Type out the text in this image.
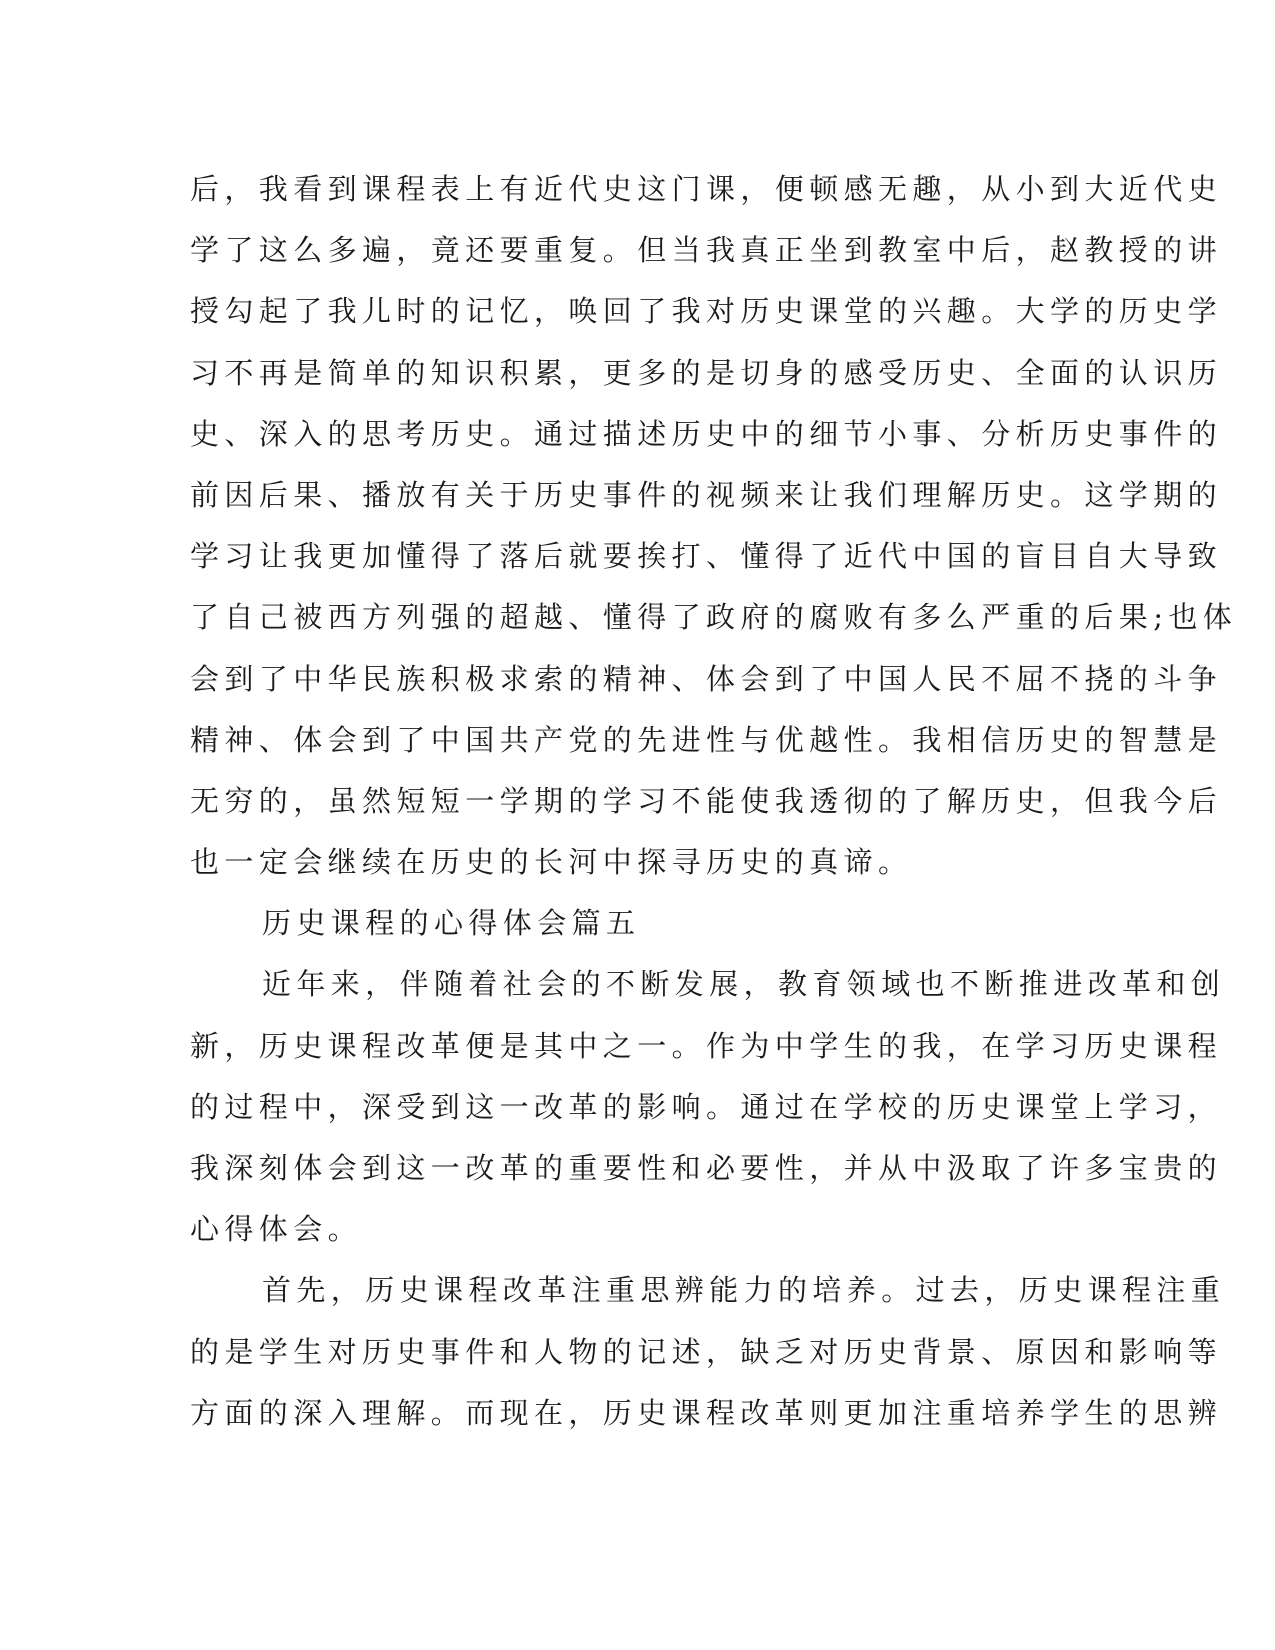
后，我看到课程表上有近代史这门课，便顿感无趣，从小到大近代史
学了这么多遍，竟还要重复。但当我真正坐到教室中后，赵教授的讲
授勾起了我儿时的记忆，唤回了我对历史课堂的兴趣。大学的历史学
习不再是简单的知识积累，更多的是切身的感受历史、全面的认识历
史、深入的思考历史。通过描述历史中的细节小事、分析历史事件的
前因后果、播放有关于历史事件的视频来让我们理解历史。这学期的
学习让我更加懂得了落后就要挨打、懂得了近代中国的盲目自大导致
了自己被西方列强的超越、懂得了政府的腐败有多么严重的后果;也体
会到了中华民族积极求索的精神、体会到了中国人民不屈不挠的斗争
精神、体会到了中国共产党的先进性与优越性。我相信历史的智慧是
无穷的，虽然短短一学期的学习不能使我透彻的了解历史，但我今后
也一定会继续在历史的长河中探寻历史的真谛。
历史课程的心得体会篇五
近年来，伴随着社会的不断发展，教育领域也不断推进改革和创
新，历史课程改革便是其中之一。作为中学生的我，在学习历史课程
的过程中，深受到这一改革的影响。通过在学校的历史课堂上学习，
我深刻体会到这一改革的重要性和必要性，并从中汲取了许多宝贵的
心得体会。
首先，历史课程改革注重思辨能力的培养。过去，历史课程注重
的是学生对历史事件和人物的记述，缺乏对历史背景、原因和影响等
方面的深入理解。而现在，历史课程改革则更加注重培养学生的思辨
